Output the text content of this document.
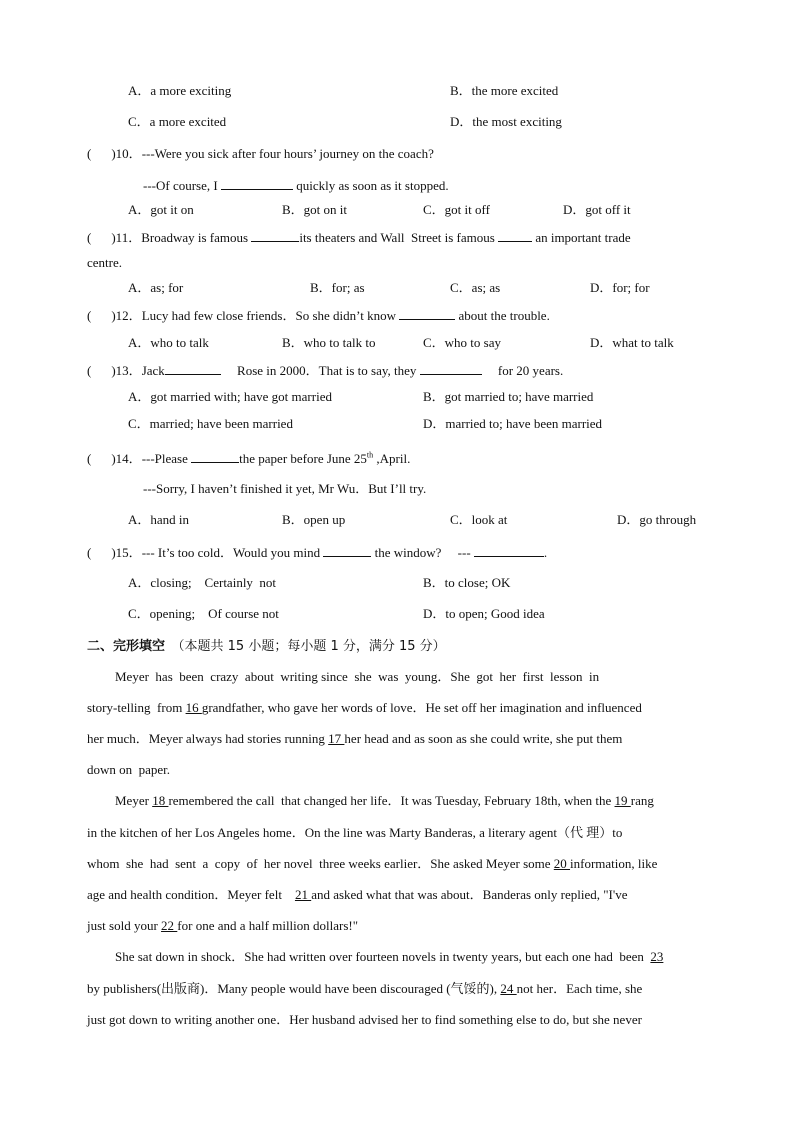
A．a more exciting	B．the more excited
C．a more excited	D．the most exciting
( )10．---Were you sick after four hours’ journey on the coach?
---Of course, I	quickly as soon as it stopped.
A．got it on	B．got on it	C．got it off	D．got off it
( )11．Broadway is famous	its theaters and Wall  Street is famous	an important trade
centre.
A．as; for	B．for; as	C．as; as	D．for; for
( )12．Lucy had few close friends．So she didn’t know	about the trouble.
A．who to talk	B．who to talk to	C．who to say	D．what to talk
( )13．Jack	Rose in 2000．That is to say, they	for 20 years.
A．got married with; have got married	B．got married to; have married
C．married; have been married	D．married to; have been married
( )14．---Please	the paper before June 25th ,April.
---Sorry, I haven’t finished it yet, Mr Wu．But I’ll try.
A．hand in	B．open up	C．look at	D．go through
( )15．--- It’s too cold．Would you mind	the window? ---	.
A．closing;    Certainly  not	B．to close; OK
C．opening;    Of course not	D．to open; Good idea
二、完形填空 （本题共 15 小题；每小题 1 分，满分 15 分）
Meyer  has  been  crazy  about  writing since  she  was  young．She  got  her  first  lesson  in
story-telling  from 16 grandfather, who gave her words of love．He set off her imagination and influenced
her much．Meyer always had stories running 17 her head and as soon as she could write, she put them
down on  paper.
Meyer 18 remembered the call  that changed her life．It was Tuesday, February 18th, when the 19 rang
in the kitchen of her Los Angeles home．On the line was Marty Banderas, a literary agent（代 理）to
whom  she  had  sent  a  copy  of  her novel  three weeks earlier．She asked Meyer some 20 information, like
age and health condition．Meyer felt    21 and asked what that was about．Banderas only replied, "I've
just sold your 22 for one and a half million dollars!"
She sat down in shock．She had written over fourteen novels in twenty years, but each one had  been  23
by publishers(出版商)．Many people would have been discouraged (气馁的), 24 not her．Each time, she
just got down to writing another one．Her husband advised her to find something else to do, but she never
